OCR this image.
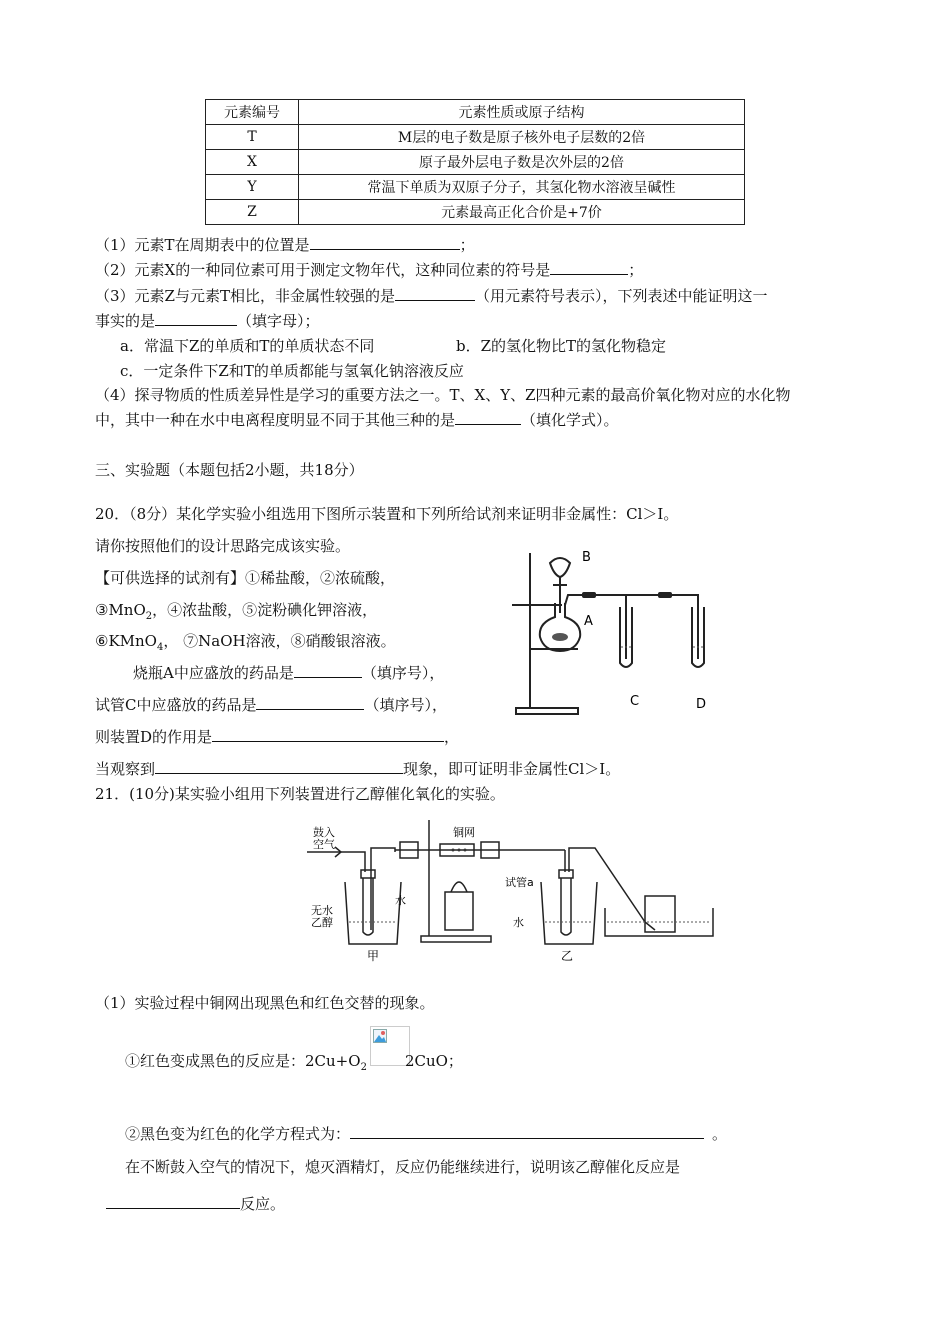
元素编号	元素性质或原子结构
T	M层的电子数是原子核外电子层数的2倍
X	原子最外层电子数是次外层的2倍
Y	常温下单质为双原子分子，其氢化物水溶液呈碱性
Z	元素最高正化合价是+7价
（1）元素T在周期表中的位置是	；
（2）元素X的一种同位素可用于测定文物年代，这种同位素的符号是	；
（3）元素Z与元素T相比，非金属性较强的是	（用元素符号表示），下列表述中能证明这一
事实的是	（填字母）；
a．常温下Z的单质和T的单质状态不同	b．Z的氢化物比T的氢化物稳定
c．一定条件下Z和T的单质都能与氢氧化钠溶液反应
（4）探寻物质的性质差异性是学习的重要方法之一。T、X、Y、Z四种元素的最高价氧化物对应的水化物
中，其中一种在水中电离程度明显不同于其他三种的是	（填化学式）。
三、实验题（本题包括2小题，共18分）
20．（8分）某化学实验小组选用下图所示装置和下列所给试剂来证明非金属性：Cl＞I。
请你按照他们的设计思路完成该实验。
【可供选择的试剂有】①稀盐酸，②浓硫酸，
③MnO$_2$，④浓盐酸，⑤淀粉碘化钾溶液，
⑥KMnO$_4$， ⑦NaOH溶液，⑧硝酸银溶液。
烧瓶A中应盛放的药品是	（填序号），
试管C中应盛放的药品是	（填序号），
则装置D的作用是	，
当观察到	现象，即可证明非金属性Cl＞I。
B
A
C	D
21．(10分)某实验小组用下列装置进行乙醇催化氧化的实验。
鼓入
空气
铜网
无水
乙醇
水
试管a
水
甲	乙
（1）实验过程中铜网出现黑色和红色交替的现象。
①红色变成黑色的反应是：$2Cu+O_2$	2CuO；
②黑色变为红色的化学方程式为：	。
在不断鼓入空气的情况下，熄灭酒精灯，反应仍能继续进行，说明该乙醇催化反应是
反应。
